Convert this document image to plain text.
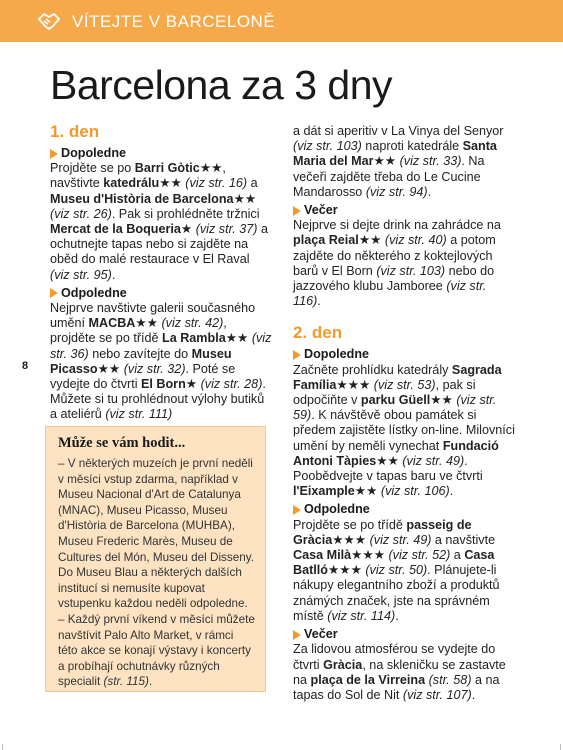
VÍTEJTE V BARCELONĚ
Barcelona za 3 dny
8
1. den
Dopoledne

Projděte se po Barri Gòtic★★, navštivte katedrálu★★ (viz str. 16) a Museu d'Història de Barcelona★★ (viz str. 26). Pak si prohlédněte tržnici Mercat de la Boqueria★ (viz str. 37) a ochutnejte tapas nebo si zajděte na oběd do malé restaurace v El Raval (viz str. 95).

Odpoledne

Nejprve navštivte galerii současného umění MACBA★★ (viz str. 42), projděte se po třídě La Rambla★★ (viz str. 36) nebo zavítejte do Museu Picasso★★ (viz str. 32). Poté se vydejte do čtvrti El Born★ (viz str. 28). Můžete si tu prohlédnout výlohy butiků a ateliérů (viz str. 111)

a dát si aperitiv v La Vinya del Senyor (viz str. 103) naproti katedrále Santa Maria del Mar★★ (viz str. 33). Na večeři zajděte třeba do Le Cucine Mandarosso (viz str. 94).

Večer

Nejprve si dejte drink na zahrádce na plaça Reial★★ (viz str. 40) a potom zajděte do některého z koktejlových barů v El Born (viz str. 103) nebo do jazzového klubu Jamboree (viz str. 116).

2. den
Dopoledne

Začněte prohlídku katedrály Sagrada Família★★★ (viz str. 53), pak si odpočiňte v parku Güell★★ (viz str. 59). K návštěvě obou památek si předem zajistěte lístky on-line. Milovníci umění by neměli vynechat Fundació Antoni Tàpies★★ (viz str. 49). Poobědvejte v tapas baru ve čtvrti l'Eixample★★ (viz str. 106).

Odpoledne

Projděte se po třídě passeig de Gràcia★★★ (viz str. 49) a navštivte Casa Milà★★★ (viz str. 52) a Casa Batlló★★★ (viz str. 50). Plánujete-li nákupy elegantního zboží a produktů známých značek, jste na správném místě (viz str. 114).

Večer

Za lidovou atmosférou se vydejte do čtvrti Gràcia, na skleničku se zastavte na plaça de la Virreina (str. 58) a na tapas do Sol de Nit (viz str. 107).

Může se vám hodit...

– V některých muzeích je první neděli v měsíci vstup zdarma, například v Museu Nacional d'Art de Catalunya (MNAC), Museu Picasso, Museu d'Història de Barcelona (MUHBA), Museu Frederic Marès, Museu de Cultures del Món, Museu del Disseny. Do Museu Blau a některých dalších institucí si nemusíte kupovat vstupenku každou neděli odpoledne.

– Každý první víkend v měsíci můžete navštívit Palo Alto Market, v rámci této akce se konají výstavy i koncerty a probíhají ochutnávky různých specialit (str. 115).
